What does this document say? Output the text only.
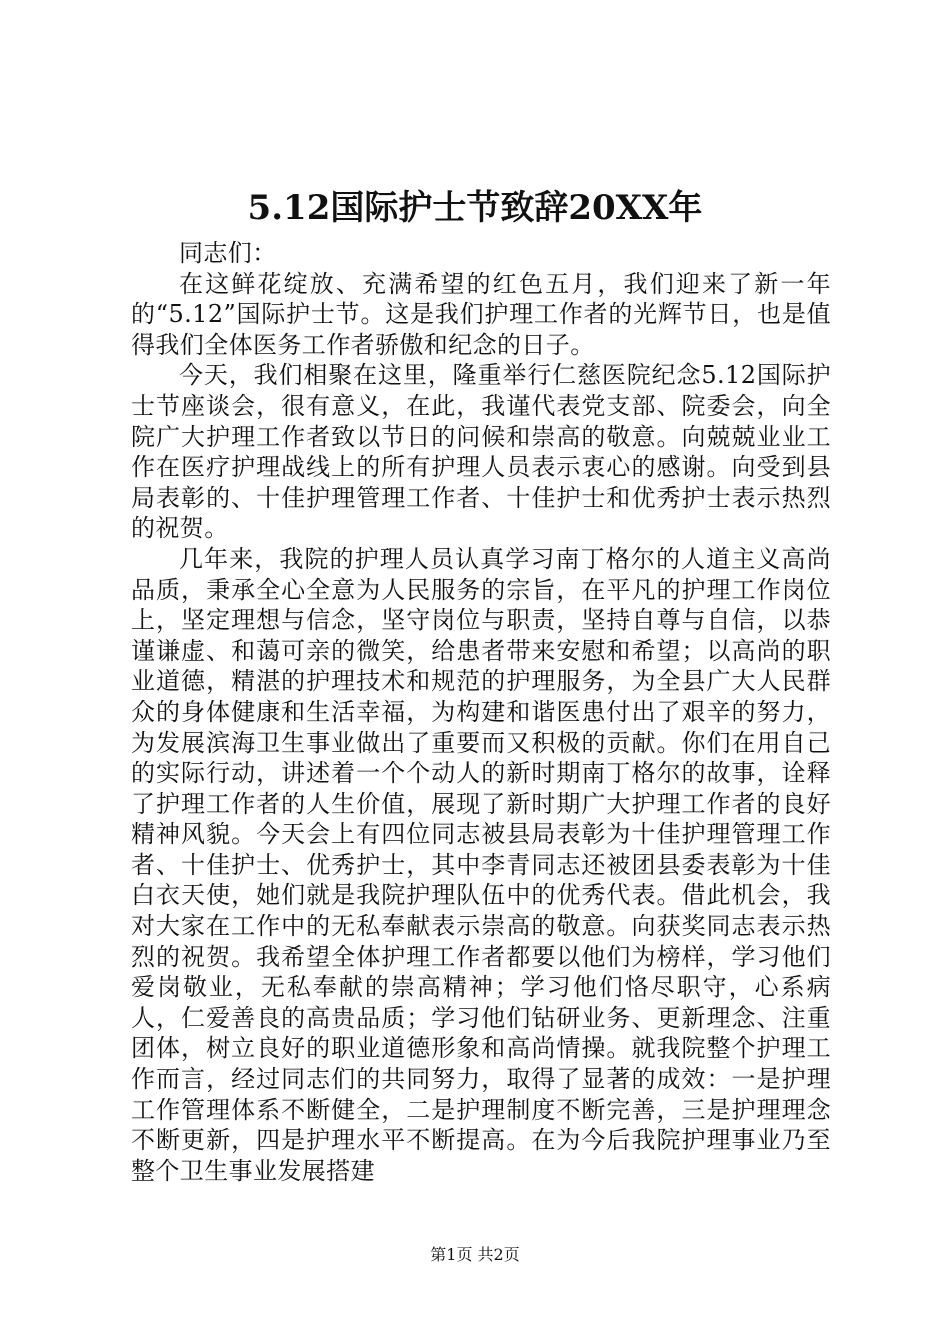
5.12国际护士节致辞20XX年

同志们：

在这鲜花绽放、充满希望的红色五月，我们迎来了新一年的“5.12”国际护士节。这是我们护理工作者的光辉节日，也是值得我们全体医务工作者骄傲和纪念的日子。

今天，我们相聚在这里，隆重举行仁慈医院纪念5.12国际护士节座谈会，很有意义，在此，我谨代表党支部、院委会，向全院广大护理工作者致以节日的问候和崇高的敬意。向兢兢业业工作在医疗护理战线上的所有护理人员表示衷心的感谢。向受到县局表彰的、十佳护理管理工作者、十佳护士和优秀护士表示热烈的祝贺。

几年来，我院的护理人员认真学习南丁格尔的人道主义高尚品质，秉承全心全意为人民服务的宗旨，在平凡的护理工作岗位上，坚定理想与信念，坚守岗位与职责，坚持自尊与自信，以恭谨谦虚、和蔼可亲的微笑，给患者带来安慰和希望；以高尚的职业道德，精湛的护理技术和规范的护理服务，为全县广大人民群众的身体健康和生活幸福，为构建和谐医患付出了艰辛的努力，为发展滨海卫生事业做出了重要而又积极的贡献。你们在用自己的实际行动，讲述着一个个动人的新时期南丁格尔的故事，诠释了护理工作者的人生价值，展现了新时期广大护理工作者的良好精神风貌。今天会上有四位同志被县局表彰为十佳护理管理工作者、十佳护士、优秀护士，其中李青同志还被团县委表彰为十佳白衣天使，她们就是我院护理队伍中的优秀代表。借此机会，我对大家在工作中的无私奉献表示崇高的敬意。向获奖同志表示热烈的祝贺。我希望全体护理工作者都要以他们为榜样，学习他们爱岗敬业，无私奉献的崇高精神；学习他们恪尽职守，心系病人，仁爱善良的高贵品质；学习他们钻研业务、更新理念、注重团体，树立良好的职业道德形象和高尚情操。就我院整个护理工作而言，经过同志们的共同努力，取得了显著的成效：一是护理工作管理体系不断健全，二是护理制度不断完善，三是护理理念不断更新，四是护理水平不断提高。在为今后我院护理事业乃至整个卫生事业发展搭建

第1页 共2页
